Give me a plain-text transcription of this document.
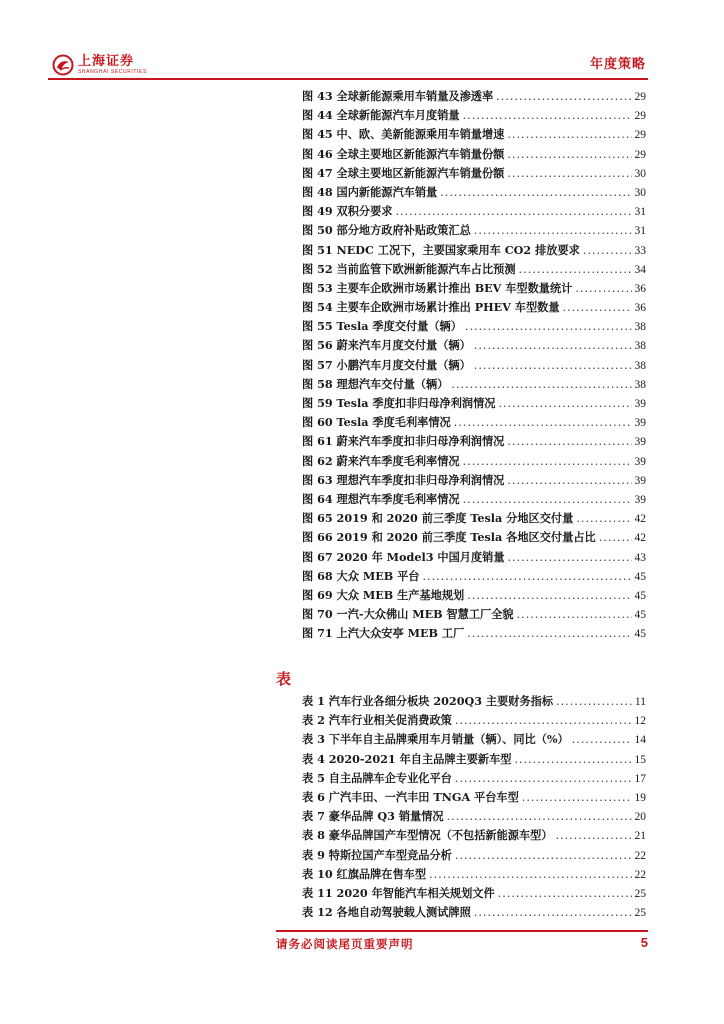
上海证券
SHANGHAI SECURITIES	年度策略
图 43 全球新能源乘用车销量及渗透率 .....	29
图 44 全球新能源汽车月度销量 .....	29
图 45 中、欧、美新能源乘用车销量增速 .....	29
图 46 全球主要地区新能源汽车销量份额 .....	29
图 47 全球主要地区新能源汽车销量份额 .....	30
图 48 国内新能源汽车销量 .....	30
图 49 双积分要求 .....	31
图 50 部分地方政府补贴政策汇总 .....	31
图 51 NEDC 工况下，主要国家乘用车 CO2 排放要求 .....	33
图 52 当前监管下欧洲新能源汽车占比预测 .....	34
图 53 主要车企欧洲市场累计推出 BEV 车型数量统计 .....	36
图 54 主要车企欧洲市场累计推出 PHEV 车型数量 .....	36
图 55 Tesla 季度交付量（辆） .....	38
图 56 蔚来汽车月度交付量（辆） .....	38
图 57 小鹏汽车月度交付量（辆） .....	38
图 58 理想汽车交付量（辆） .....	38
图 59 Tesla 季度扣非归母净利润情况 .....	39
图 60 Tesla 季度毛利率情况 .....	39
图 61 蔚来汽车季度扣非归母净利润情况 .....	39
图 62 蔚来汽车季度毛利率情况 .....	39
图 63 理想汽车季度扣非归母净利润情况 .....	39
图 64 理想汽车季度毛利率情况 .....	39
图 65 2019 和 2020 前三季度 Tesla 分地区交付量 .....	42
图 66 2019 和 2020 前三季度 Tesla 各地区交付量占比 .....	42
图 67 2020 年 Model3 中国月度销量 .....	43
图 68 大众 MEB 平台 .....	45
图 69 大众 MEB 生产基地规划 .....	45
图 70 一汽-大众佛山 MEB 智慧工厂全貌 .....	45
图 71 上汽大众安亭 MEB 工厂 .....	45
表
表 1 汽车行业各细分板块 2020Q3 主要财务指标 .....	11
表 2 汽车行业相关促消费政策 .....	12
表 3 下半年自主品牌乘用车月销量（辆）、同比（%） .....	14
表 4 2020-2021 年自主品牌主要新车型 .....	15
表 5 自主品牌车企专业化平台 .....	17
表 6 广汽丰田、一汽丰田 TNGA 平台车型 .....	19
表 7 豪华品牌 Q3 销量情况 .....	20
表 8 豪华品牌国产车型情况（不包括新能源车型） .....	21
表 9 特斯拉国产车型竞品分析 .....	22
表 10 红旗品牌在售车型 .....	22
表 11 2020 年智能汽车相关规划文件 .....	25
表 12 各地自动驾驶载人测试牌照 .....	25
请务必阅读尾页重要声明	5
